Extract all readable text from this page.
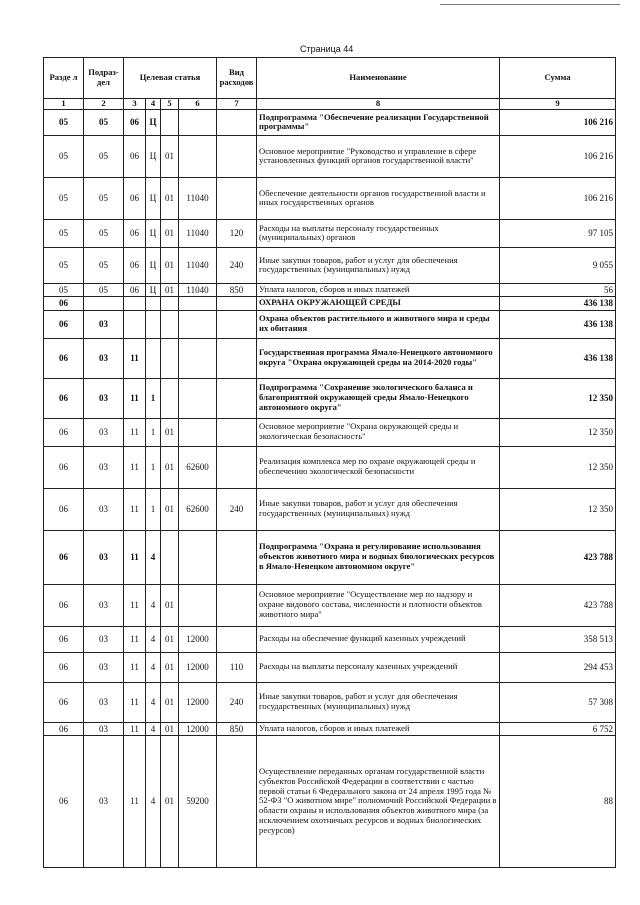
Страница 44
Разде л	Подраз- дел	Целевая статья				Вид расходов	Наименование	Сумма
1	2	3	4	5	6	7	8	9
05	05	06	Ц				Подпрограмма "Обеспечение реализации Государственной программы"	106 216
05	05	06	Ц	01			Основное мероприятие "Руководство и управление в сфере установленных функций органов государственной власти"	106 216
05	05	06	Ц	01	11040		Обеспечение деятельности органов государственной власти и иных государственных органов	106 216
05	05	06	Ц	01	11040	120	Расходы на выплаты персоналу государственных (муниципальных) органов	97 105
05	05	06	Ц	01	11040	240	Иные закупки товаров, работ и услуг для обеспечения государственных (муниципальных) нужд	9 055
05	05	06	Ц	01	11040	850	Уплата налогов, сборов и иных платежей	56
06							ОХРАНА ОКРУЖАЮЩЕЙ СРЕДЫ	436 138
06	03						Охрана объектов растительного и животного мира и среды их обитания	436 138
06	03	11					Государственная программа Ямало-Ненецкого автономного округа "Охрана окружающей среды на 2014-2020 годы"	436 138
06	03	11	1				Подпрограмма "Сохранение экологического баланса и благоприятной окружающей среды Ямало-Ненецкого автономного округа"	12 350
06	03	11	1	01			Основное мероприятие "Охрана окружающей среды и экологическая безопасность"	12 350
06	03	11	1	01	62600		Реализация комплекса мер по охране окружающей среды и обеспечению экологической безопасности	12 350
06	03	11	1	01	62600	240	Иные закупки товаров, работ и услуг для обеспечения государственных (муниципальных) нужд	12 350
06	03	11	4				Подпрограмма "Охрана и регулирование использования объектов животного мира и водных биологических ресурсов в Ямало-Ненецком автономном округе"	423 788
06	03	11	4	01			Основное мероприятие "Осуществление мер по надзору и охране видового состава, численности и плотности объектов животного мира"	423 788
06	03	11	4	01	12000		Расходы на обеспечение функций казенных учреждений	358 513
06	03	11	4	01	12000	110	Расходы на выплаты персоналу казенных учреждений	294 453
06	03	11	4	01	12000	240	Иные закупки товаров, работ и услуг для обеспечения государственных (муниципальных) нужд	57 308
06	03	11	4	01	12000	850	Уплата налогов, сборов и иных платежей	6 752
06	03	11	4	01	59200		Осуществление переданных органам государственной власти субъектов Российской Федерации в соответствии с частью первой статьи 6 Федерального закона от 24 апреля 1995 года № 52-ФЗ "О животном мире" полномочий Российской Федерации в области охраны и использования объектов животного мира (за исключением охотничьих ресурсов и водных биологических ресурсов)	88
